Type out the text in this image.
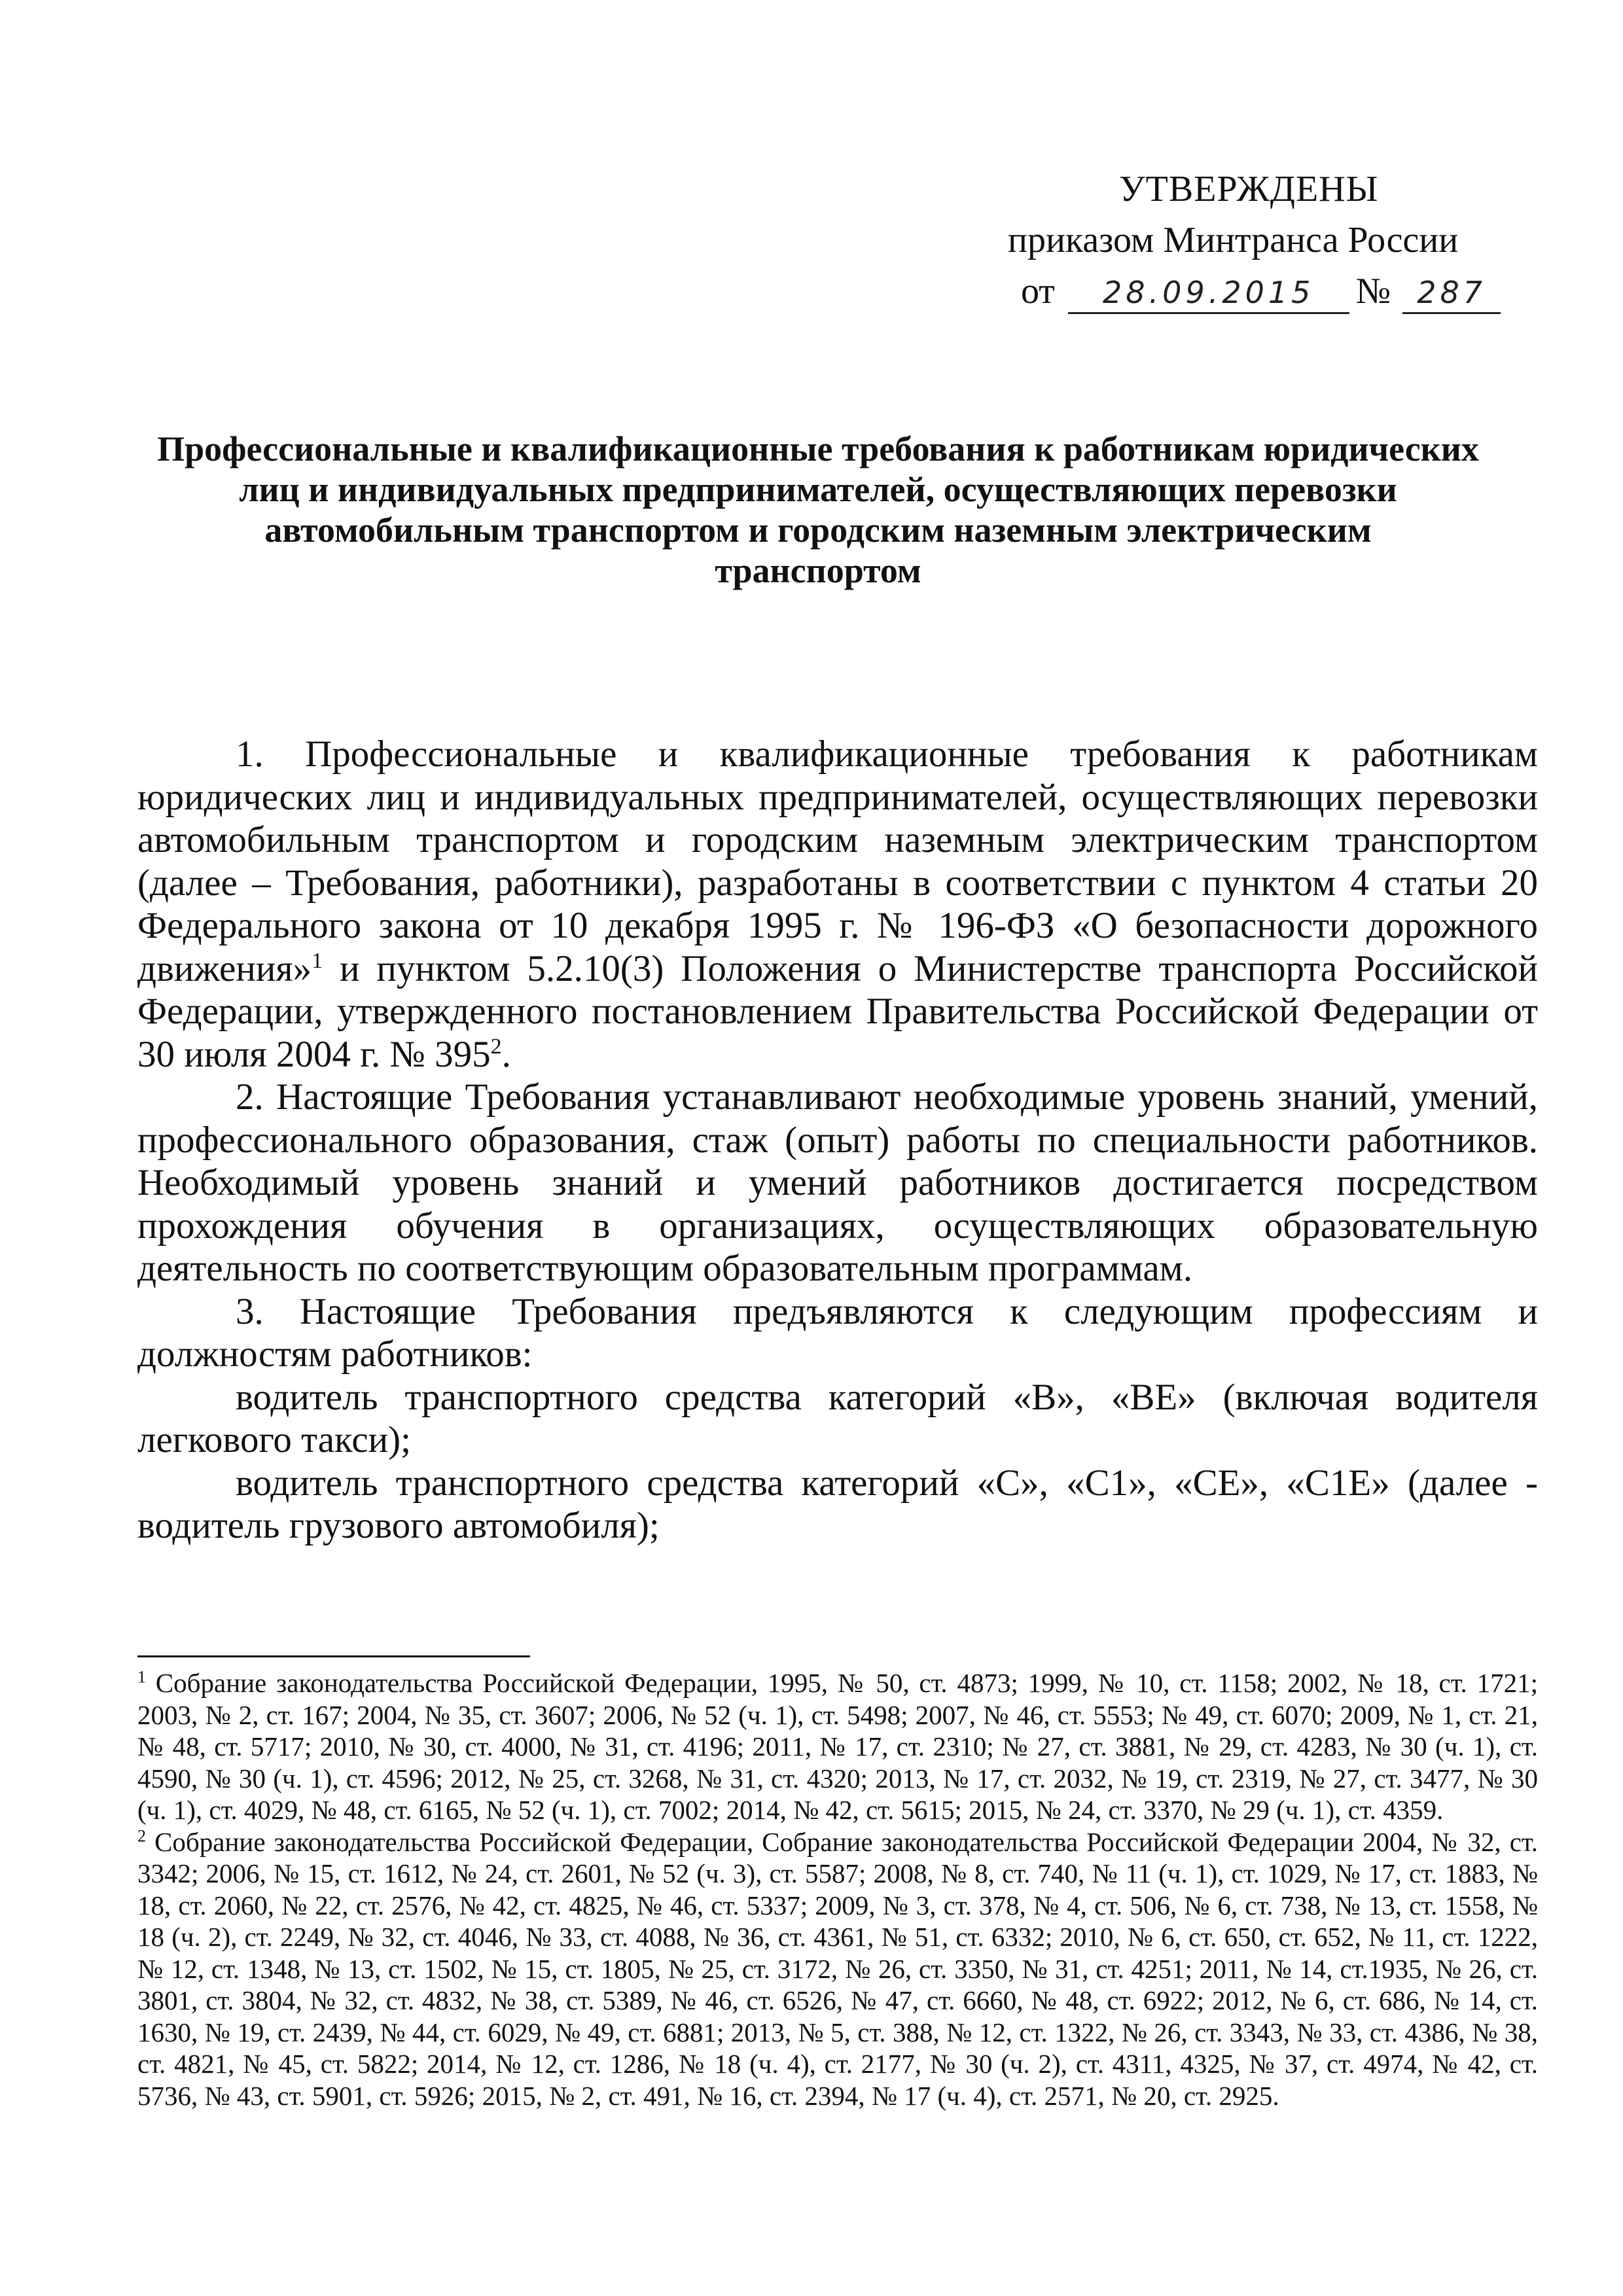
УТВЕРЖДЕНЫ
приказом Минтранса России
от 28.09.2015 № 287
Профессиональные и квалификационные требования к работникам юридических лиц и индивидуальных предпринимателей, осуществляющих перевозки автомобильным транспортом и городским наземным электрическим транспортом

1. Профессиональные и квалификационные требования к работникам юридических лиц и индивидуальных предпринимателей, осуществляющих перевозки автомобильным транспортом и городским наземным электрическим транспортом (далее – Требования, работники), разработаны в соответствии с пунктом 4 статьи 20 Федерального закона от 10 декабря 1995 г. № 196-ФЗ «О безопасности дорожного движения»$^1$ и пунктом 5.2.10(3) Положения о Министерстве транспорта Российской Федерации, утвержденного постановлением Правительства Российской Федерации от 30 июля 2004 г. № $395^2$.

2. Настоящие Требования устанавливают необходимые уровень знаний, умений, профессионального образования, стаж (опыт) работы по специальности работников. Необходимый уровень знаний и умений работников достигается посредством прохождения обучения в организациях, осуществляющих образовательную деятельность по соответствующим образовательным программам.

3. Настоящие Требования предъявляются к следующим профессиям и должностям работников:

водитель транспортного средства категорий «B», «BE» (включая водителя легкового такси);

водитель транспортного средства категорий «C», «C1», «CE», «C1E» (далее - водитель грузового автомобиля);

$^1$ Собрание законодательства Российской Федерации, 1995, № 50, ст. 4873; 1999, № 10, ст. 1158; 2002, № 18, ст. 1721; 2003, № 2, ст. 167; 2004, № 35, ст. 3607; 2006, № 52 (ч. 1), ст. 5498; 2007, № 46, ст. 5553; № 49, ст. 6070; 2009, № 1, ст. 21, № 48, ст. 5717; 2010, № 30, ст. 4000, № 31, ст. 4196; 2011, № 17, ст. 2310; № 27, ст. 3881, № 29, ст. 4283, № 30 (ч. 1), ст. 4590, № 30 (ч. 1), ст. 4596; 2012, № 25, ст. 3268, № 31, ст. 4320; 2013, № 17, ст. 2032, № 19, ст. 2319, № 27, ст. 3477, № 30 (ч. 1), ст. 4029, № 48, ст. 6165, № 52 (ч. 1), ст. 7002; 2014, № 42, ст. 5615; 2015, № 24, ст. 3370, № 29 (ч. 1), ст. 4359.

$^2$ Собрание законодательства Российской Федерации, Собрание законодательства Российской Федерации 2004, № 32, ст. 3342; 2006, № 15, ст. 1612, № 24, ст. 2601, № 52 (ч. 3), ст. 5587; 2008, № 8, ст. 740, № 11 (ч. 1), ст. 1029, № 17, ст. 1883, № 18, ст. 2060, № 22, ст. 2576, № 42, ст. 4825, № 46, ст. 5337; 2009, № 3, ст. 378, № 4, ст. 506, № 6, ст. 738, № 13, ст. 1558, № 18 (ч. 2), ст. 2249, № 32, ст. 4046, № 33, ст. 4088, № 36, ст. 4361, № 51, ст. 6332; 2010, № 6, ст. 650, ст. 652, № 11, ст. 1222, № 12, ст. 1348, № 13, ст. 1502, № 15, ст. 1805, № 25, ст. 3172, № 26, ст. 3350, № 31, ст. 4251; 2011, № 14, ст.1935, № 26, ст. 3801, ст. 3804, № 32, ст. 4832, № 38, ст. 5389, № 46, ст. 6526, № 47, ст. 6660, № 48, ст. 6922; 2012, № 6, ст. 686, № 14, ст. 1630, № 19, ст. 2439, № 44, ст. 6029, № 49, ст. 6881; 2013, № 5, ст. 388, № 12, ст. 1322, № 26, ст. 3343, № 33, ст. 4386, № 38, ст. 4821, № 45, ст. 5822; 2014, № 12, ст. 1286, № 18 (ч. 4), ст. 2177, № 30 (ч. 2), ст. 4311, 4325, № 37, ст. 4974, № 42, ст. 5736, № 43, ст. 5901, ст. 5926; 2015, № 2, ст. 491, № 16, ст. 2394, № 17 (ч. 4), ст. 2571, № 20, ст. 2925.
